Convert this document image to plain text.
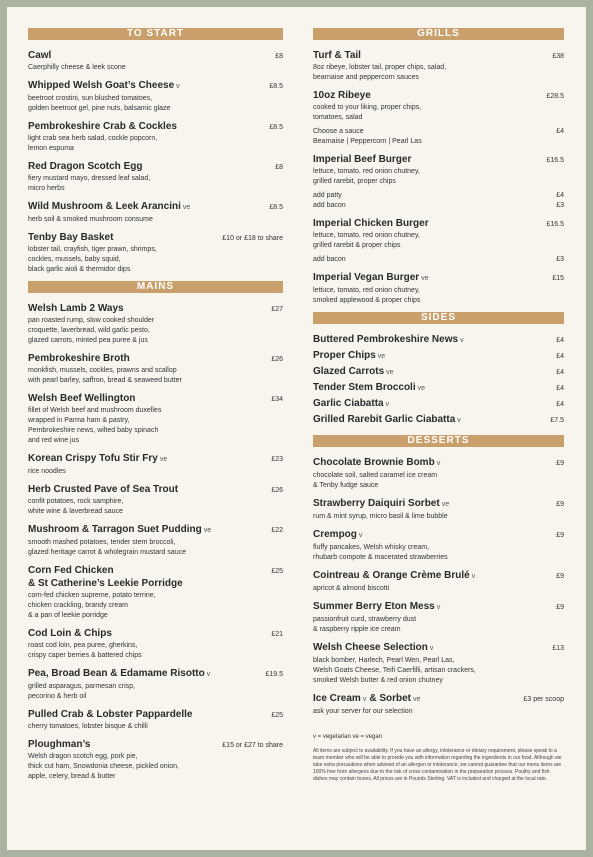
TO START
Cawl	£8
Caerphilly cheese & leek scone
Whipped Welsh Goat’s Cheese v	£8.5
beetroot crostini, sun blushed tomatoes,
golden beetroot gel, pine nuts, balsamic glaze
Pembrokeshire Crab & Cockles	£8.5
light crab sea herb salad, cockle popcorn,
lemon espuma
Red Dragon Scotch Egg	£8
fiery mustard mayo, dressed leaf salad,
micro herbs
Wild Mushroom & Leek Arancini ve	£8.5
herb soil & smoked mushroom consume
Tenby Bay Basket	£10 or £18 to share
lobster tail, crayfish, tiger prawn, shrimps,
cockles, mussels, baby squid,
black garlic aioli & thermidor dips
MAINS
Welsh Lamb 2 Ways	£27
pan roasted rump, slow cooked shoulder
croquette, laverbread, wild garlic pesto,
glazed carrots, minted pea puree & jus
Pembrokeshire Broth	£26
monkfish, mussels, cockles, prawns and scallop
with pearl barley, saffron, bread & seaweed butter
Welsh Beef Wellington	£34
fillet of Welsh beef and mushroom duxelles
wrapped in Parma ham & pastry,
Pembrokeshire news, wilted baby spinach
and red wine jus
Korean Crispy Tofu Stir Fry ve	£23
rice noodles
Herb Crusted Pave of Sea Trout	£26
confit potatoes, rock samphire,
white wine & laverbread sauce
Mushroom & Tarragon Suet Pudding ve	£22
smooth mashed potatoes, tender stem broccoli,
glazed heritage carrot & wholegrain mustard sauce
Corn Fed Chicken	£25
& St Catherine’s Leekie Porridge
corn-fed chicken supreme, potato terrine,
chicken crackling, brandy cream
& a pan of leekie porridge
Cod Loin & Chips	£21
roast cod loin, pea puree, gherkins,
crispy caper berries & battered chips
Pea, Broad Bean & Edamame Risotto v	£19.5
grilled asparagus, parmesan crisp,
pecorino & herb oil
Pulled Crab & Lobster Pappardelle	£25
cherry tomatoes, lobster bisque & chilli
Ploughman’s	£15 or £27 to share
Welsh dragon scotch egg, pork pie,
thick cut ham, Snowdonia cheese, pickled onion,
apple, celery, bread & butter
GRILLS
Turf & Tail	£38
8oz ribeye, lobster tail, proper chips, salad,
bearnaise and peppercorn sauces
10oz Ribeye	£28.5
cooked to your liking, proper chips,
tomatoes, salad
Choose a sauce	£4
Bearnaise | Peppercorn | Pearl Las
Imperial Beef Burger	£16.5
lettuce, tomato, red onion chutney,
grilled rarebit, proper chips
add patty	£4
add bacon	£3
Imperial Chicken Burger	£16.5
lettuce, tomato, red onion chutney,
grilled rarebit & proper chips
add bacon	£3
Imperial Vegan Burger ve	£15
lettuce, tomato, red onion chutney,
smoked applewood & proper chips
SIDES
Buttered Pembrokeshire News v	£4
Proper Chips ve	£4
Glazed Carrots ve	£4
Tender Stem Broccoli ve	£4
Garlic Ciabatta v	£4
Grilled Rarebit Garlic Ciabatta v	£7.5
DESSERTS
Chocolate Brownie Bomb v	£9
chocolate soil, salted caramel ice cream
& Tenby fudge sauce
Strawberry Daiquiri Sorbet ve	£9
rum & mint syrup, micro basil & lime bubble
Crempog v	£9
fluffy pancakes, Welsh whisky cream,
rhubarb compote & macerated strawberries
Cointreau & Orange Crème Brulé v	£9
apricot & almond biscotti
Summer Berry Eton Mess v	£9
passionfruit curd, strawberry dust
& raspberry ripple ice cream
Welsh Cheese Selection v	£13
black bomber, Harlech, Pearl Wen, Pearl Las,
Welsh Goats Cheese, Teifi Caerfilli, artisan crackers,
smoked Welsh butter & red onion chutney
Ice Cream v & Sorbet ve	£3 per scoop
ask your server for our selection
v = vegetarian ve = vegan
All items are subject to availability. If you have an allergy, intolerance or dietary requirement, please speak to a team member who will be able to provide you with information regarding the ingredients in our food. Although we take extra precautions when advised of an allergen or intolerance, we cannot guarantee that our menu items are 100% free from allergens due to the risk of cross contamination in the preparation process. Poultry and fish dishes may contain bones. All prices are in Pounds Sterling. VAT is included and charged at the local rate.
